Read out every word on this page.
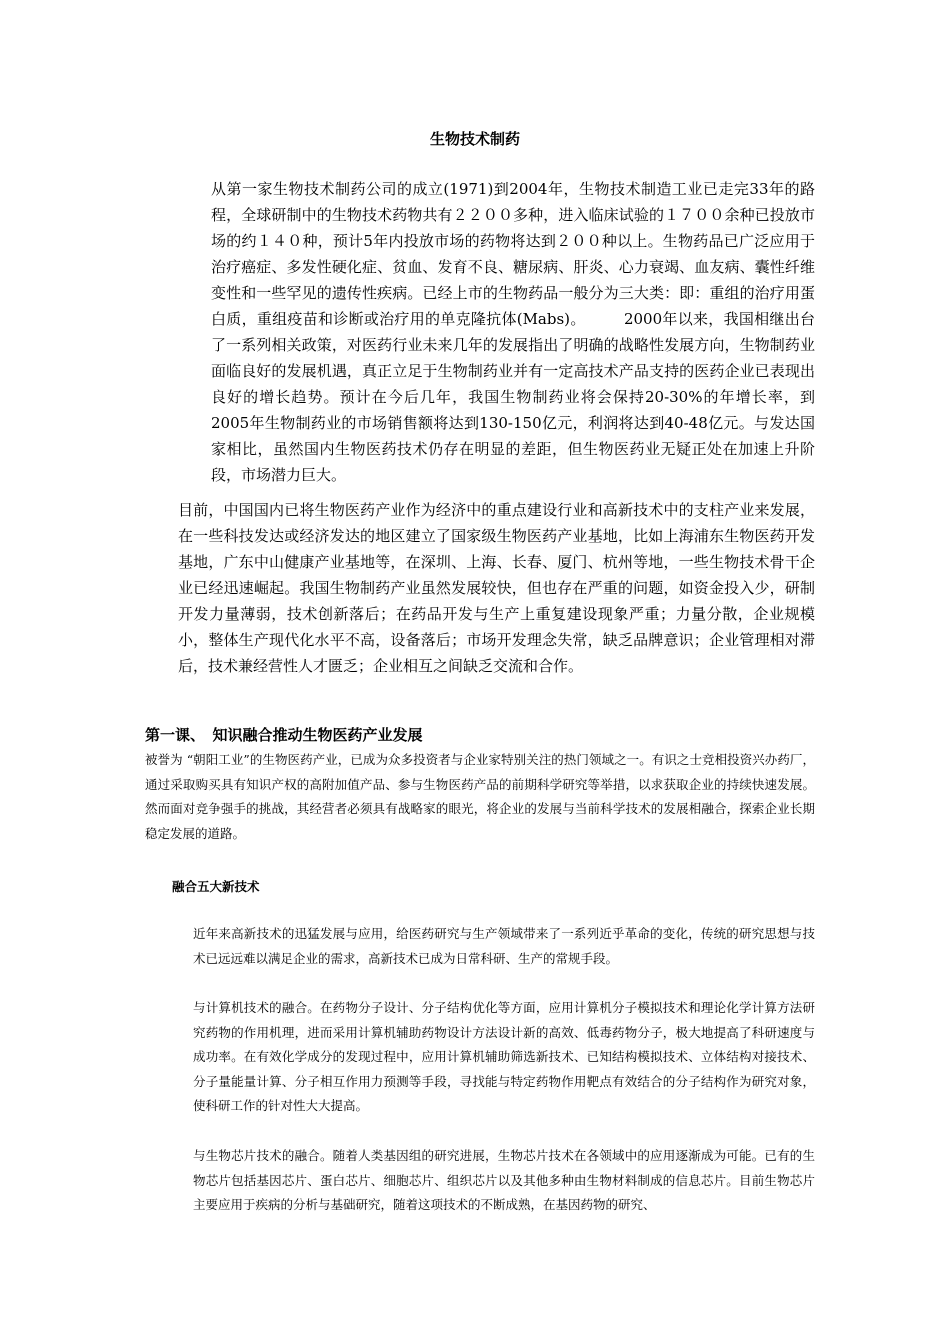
生物技术制药

从第一家生物技术制药公司的成立(1971)到2004年，生物技术制造工业已走完33年的路程，全球研制中的生物技术药物共有２２００多种，进入临床试验的１７００余种已投放市场的约１４０种，预计5年内投放市场的药物将达到２００种以上。生物药品已广泛应用于治疗癌症、多发性硬化症、贫血、发育不良、糖尿病、肝炎、心力衰竭、血友病、囊性纤维变性和一些罕见的遗传性疾病。已经上市的生物药品一般分为三大类：即：重组的治疗用蛋白质，重组疫苗和诊断或治疗用的单克隆抗体(Mabs)。　　　2000年以来，我国相继出台了一系列相关政策，对医药行业未来几年的发展指出了明确的战略性发展方向，生物制药业面临良好的发展机遇，真正立足于生物制药业并有一定高技术产品支持的医药企业已表现出良好的增长趋势。预计在今后几年，我国生物制药业将会保持20-30%的年增长率，到2005年生物制药业的市场销售额将达到130-150亿元，利润将达到40-48亿元。与发达国家相比，虽然国内生物医药技术仍存在明显的差距，但生物医药业无疑正处在加速上升阶段，市场潜力巨大。

目前，中国国内已将生物医药产业作为经济中的重点建设行业和高新技术中的支柱产业来发展，在一些科技发达或经济发达的地区建立了国家级生物医药产业基地，比如上海浦东生物医药开发基地，广东中山健康产业基地等，在深圳、上海、长春、厦门、杭州等地，一些生物技术骨干企业已经迅速崛起。我国生物制药产业虽然发展较快，但也存在严重的问题，如资金投入少，研制开发力量薄弱，技术创新落后；在药品开发与生产上重复建设现象严重；力量分散，企业规模小，整体生产现代化水平不高，设备落后；市场开发理念失常，缺乏品牌意识；企业管理相对滞后，技术兼经营性人才匮乏；企业相互之间缺乏交流和合作。

第一课、　知识融合推动生物医药产业发展

被誉为 “朝阳工业”的生物医药产业，已成为众多投资者与企业家特别关注的热门领域之一。有识之士竞相投资兴办药厂，通过采取购买具有知识产权的高附加值产品、参与生物医药产品的前期科学研究等举措，以求获取企业的持续快速发展。然而面对竞争强手的挑战，其经营者必须具有战略家的眼光，将企业的发展与当前科学技术的发展相融合，探索企业长期稳定发展的道路。

融合五大新技术

近年来高新技术的迅猛发展与应用，给医药研究与生产领域带来了一系列近乎革命的变化，传统的研究思想与技术已远远难以满足企业的需求，高新技术已成为日常科研、生产的常规手段。

与计算机技术的融合。在药物分子设计、分子结构优化等方面，应用计算机分子模拟技术和理论化学计算方法研究药物的作用机理，进而采用计算机辅助药物设计方法设计新的高效、低毒药物分子，极大地提高了科研速度与成功率。在有效化学成分的发现过程中，应用计算机辅助筛选新技术、已知结构模拟技术、立体结构对接技术、分子量能量计算、分子相互作用力预测等手段，寻找能与特定药物作用靶点有效结合的分子结构作为研究对象，使科研工作的针对性大大提高。

与生物芯片技术的融合。随着人类基因组的研究进展，生物芯片技术在各领域中的应用逐渐成为可能。已有的生物芯片包括基因芯片、蛋白芯片、细胞芯片、组织芯片以及其他多种由生物材料制成的信息芯片。目前生物芯片主要应用于疾病的分析与基础研究，随着这项技术的不断成熟，在基因药物的研究、
